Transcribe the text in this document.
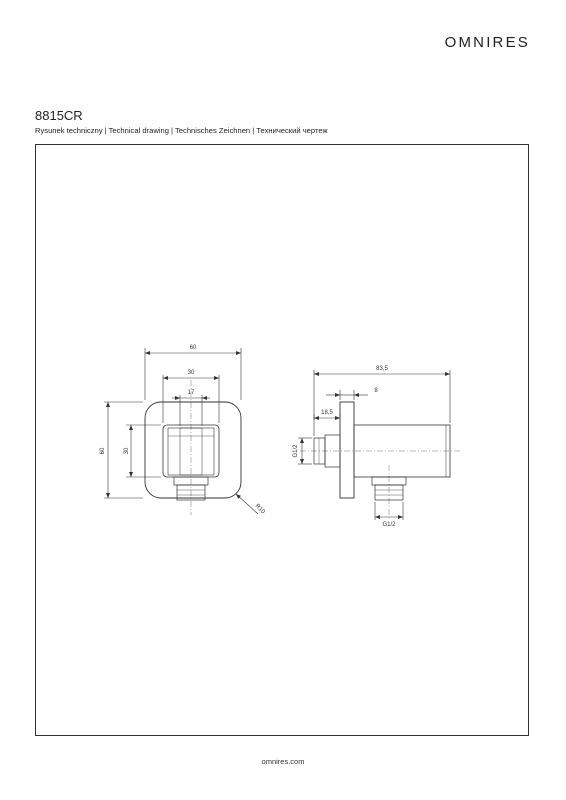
OMNIRES
8815CR
Rysunek techniczny | Technical drawing | Technisches Zeichnen | Технический чертеж
60
30
17
60	30
R10
83,5
8
18,5
G1/2
G1/2
omnires.com
